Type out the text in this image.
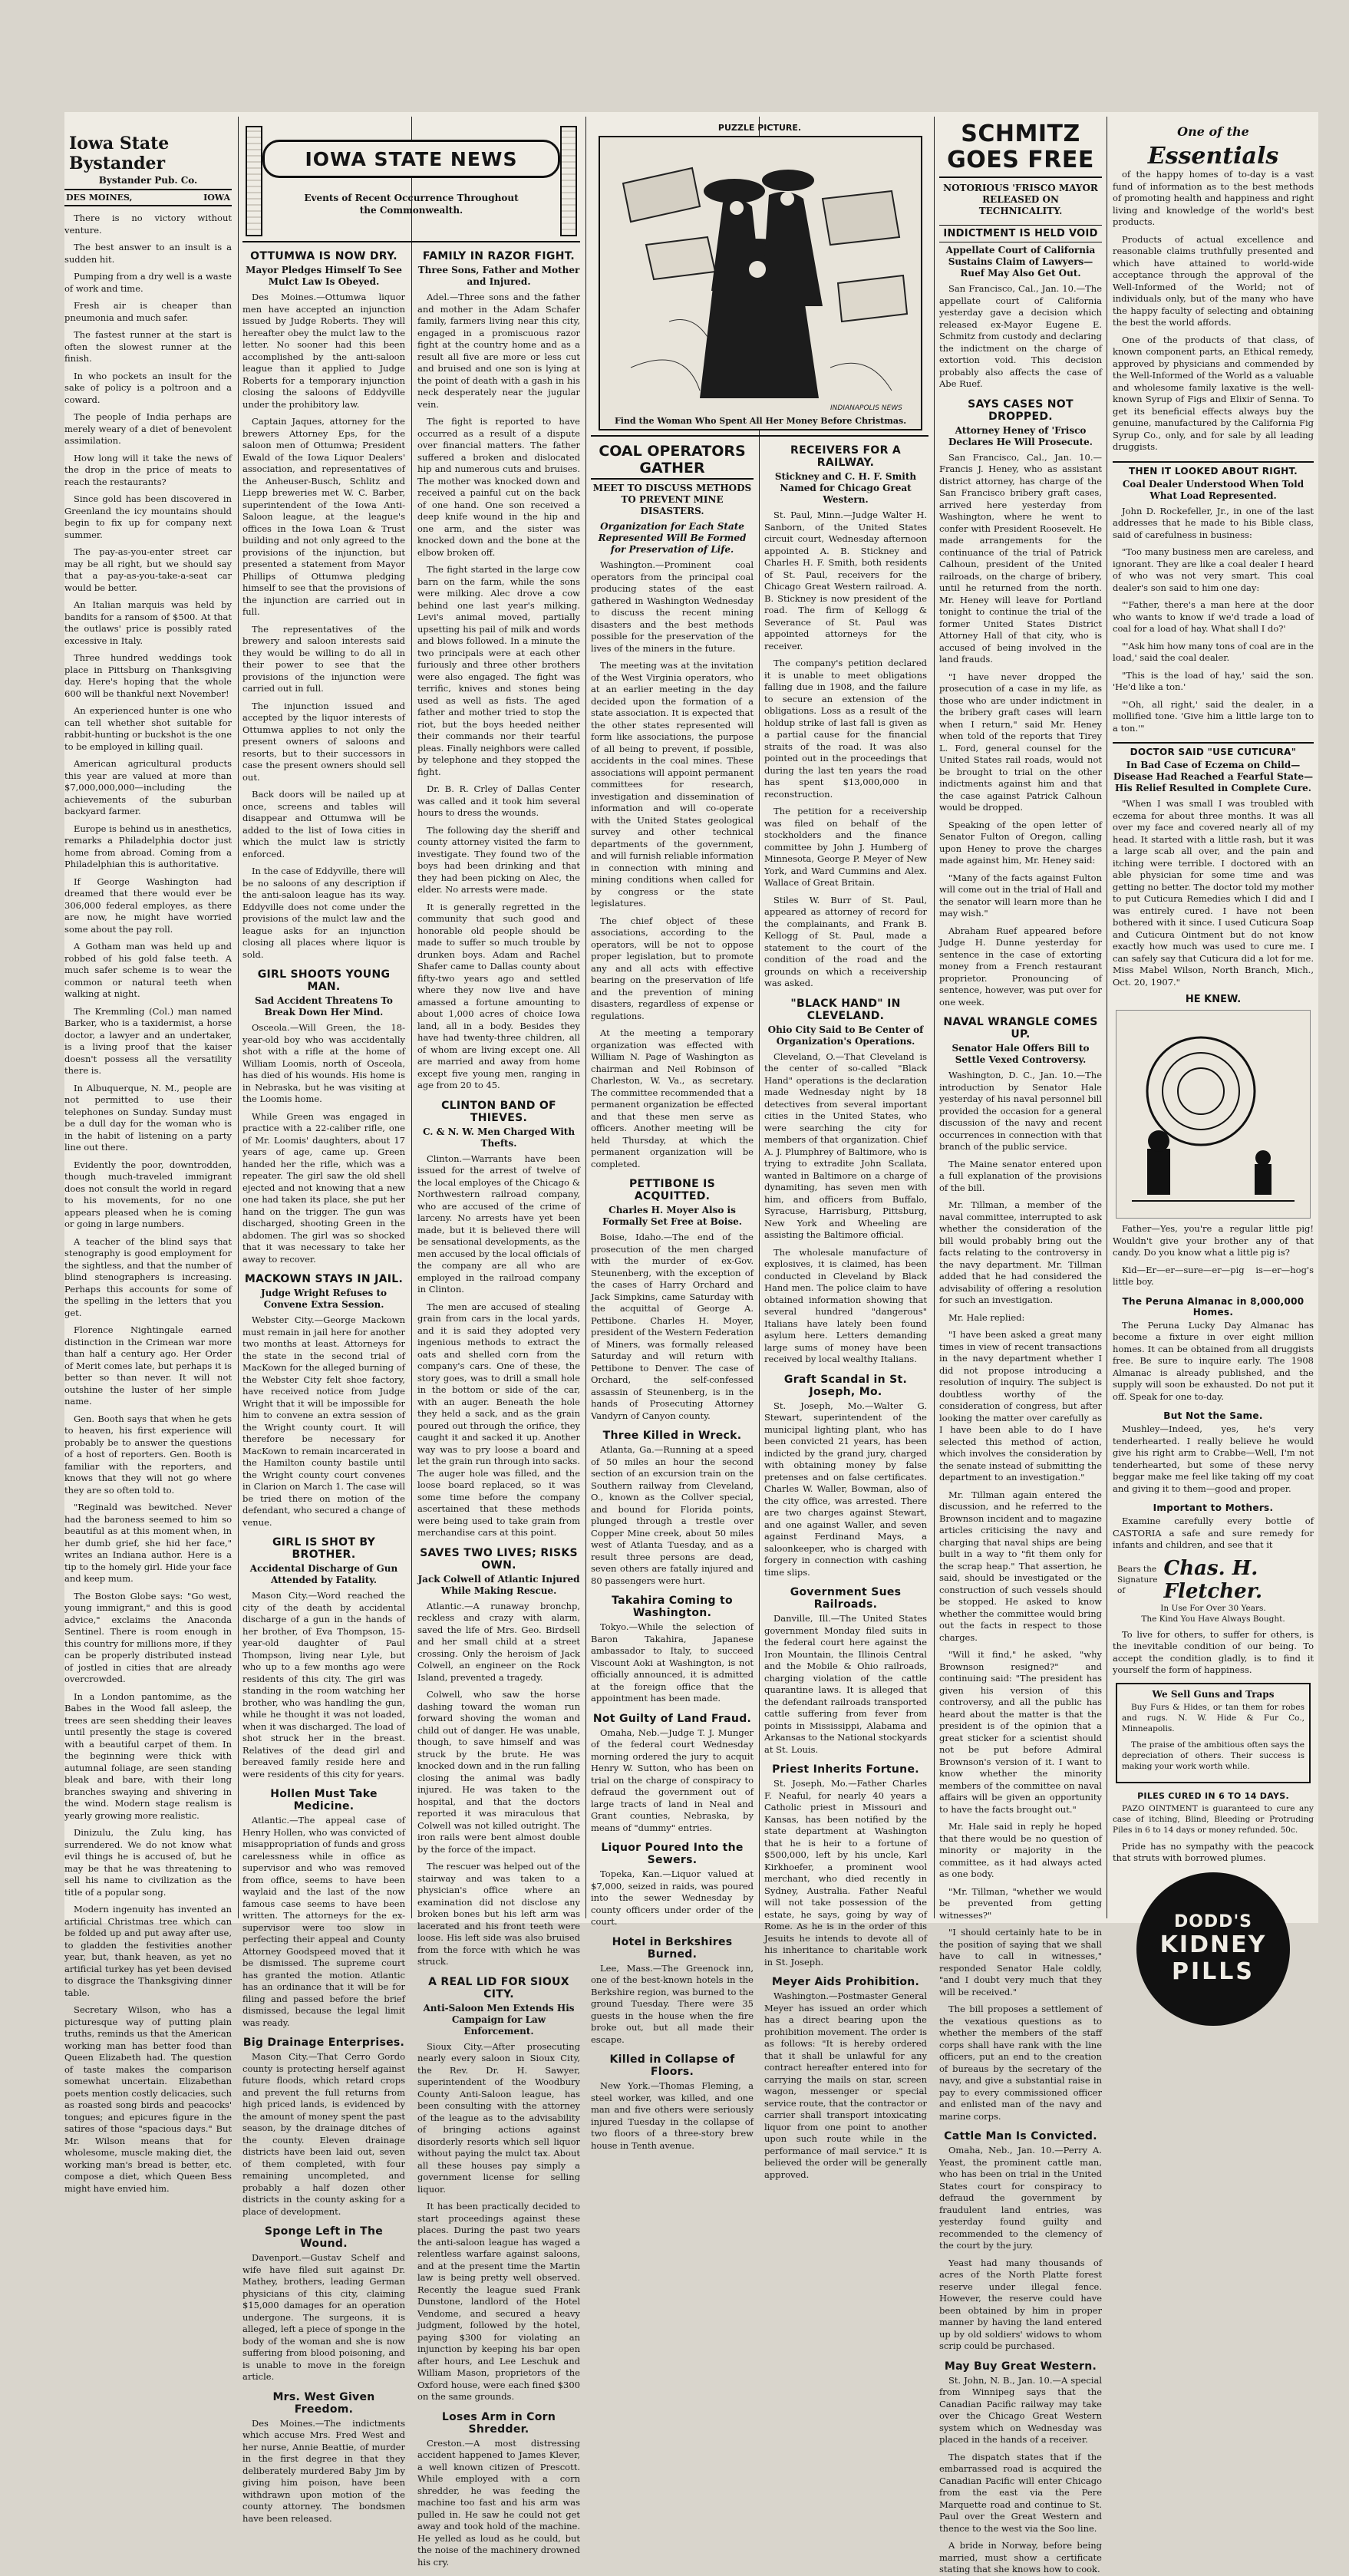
Iowa State Bystander
Bystander Pub. Co.
DES MOINES,	IOWA

There is no victory without venture.

The best answer to an insult is a sudden hit.

Pumping from a dry well is a waste of work and time.

Fresh air is cheaper than pneumonia and much safer.

The fastest runner at the start is often the slowest runner at the finish.

In who pockets an insult for the sake of policy is a poltroon and a coward.

The people of India perhaps are merely weary of a diet of benevolent assimilation.

How long will it take the news of the drop in the price of meats to reach the restaurants?

Since gold has been discovered in Greenland the icy mountains should begin to fix up for company next summer.

The pay-as-you-enter street car may be all right, but we should say that a pay-as-you-take-a-seat car would be better.

An Italian marquis was held by bandits for a ransom of $500. At that the outlaws' price is possibly rated excessive in Italy.

Three hundred weddings took place in Pittsburg on Thanksgiving day. Here's hoping that the whole 600 will be thankful next November!

An experienced hunter is one who can tell whether shot suitable for rabbit-hunting or buckshot is the one to be employed in killing quail.

American agricultural products this year are valued at more than $7,000,000,000—including the achievements of the suburban backyard farmer.

Europe is behind us in anesthetics, remarks a Philadelphia doctor just home from abroad. Coming from a Philadelphian this is authoritative.

If George Washington had dreamed that there would ever be 306,000 federal employes, as there are now, he might have worried some about the pay roll.

A Gotham man was held up and robbed of his gold false teeth. A much safer scheme is to wear the common or natural teeth when walking at night.

The Kremmling (Col.) man named Barker, who is a taxidermist, a horse doctor, a lawyer and an undertaker, is a living proof that the kaiser doesn't possess all the versatility there is.

In Albuquerque, N. M., people are not permitted to use their telephones on Sunday. Sunday must be a dull day for the woman who is in the habit of listening on a party line out there.

Evidently the poor, downtrodden, though much-traveled immigrant does not consult the world in regard to his movements, for no one appears pleased when he is coming or going in large numbers.

A teacher of the blind says that stenography is good employment for the sightless, and that the number of blind stenographers is increasing. Perhaps this accounts for some of the spelling in the letters that you get.

Florence Nightingale earned distinction in the Crimean war more than half a century ago. Her Order of Merit comes late, but perhaps it is better so than never. It will not outshine the luster of her simple name.

Gen. Booth says that when he gets to heaven, his first experience will probably be to answer the questions of a host of reporters. Gen. Booth is familiar with the reporters, and knows that they will not go where they are so often told to.

"Reginald was bewitched. Never had the baroness seemed to him so beautiful as at this moment when, in her dumb grief, she hid her face," writes an Indiana author. Here is a tip to the homely girl. Hide your face and keep mum.

The Boston Globe says: "Go west, young immigrant," and this is good advice," exclaims the Anaconda Sentinel. There is room enough in this country for millions more, if they can be properly distributed instead of jostled in cities that are already overcrowded.

In a London pantomime, as the Babes in the Wood fall asleep, the trees are seen shedding their leaves until presently the stage is covered with a beautiful carpet of them. In the beginning were thick with autumnal foliage, are seen standing bleak and bare, with their long branches swaying and shivering in the wind. Modern stage realism is yearly growing more realistic.

Dinizulu, the Zulu king, has surrendered. We do not know what evil things he is accused of, but he may be that he was threatening to sell his name to civilization as the title of a popular song.

Modern ingenuity has invented an artificial Christmas tree which can be folded up and put away after use, to gladden the festivities another year, but, thank heaven, as yet no artificial turkey has yet been devised to disgrace the Thanksgiving dinner table.

Secretary Wilson, who has a picturesque way of putting plain truths, reminds us that the American working man has better food than Queen Elizabeth had. The question of taste makes the comparison somewhat uncertain. Elizabethan poets mention costly delicacies, such as roasted song birds and peacocks' tongues; and epicures figure in the satires of those "spacious days." But Mr. Wilson means that for wholesome, muscle making diet, the working man's bread is better, etc. compose a diet, which Queen Bess might have envied him.

IOWA STATE NEWS
Events of Recent Occurrence Throughout the Commonwealth.
OTTUMWA IS NOW DRY.
Mayor Pledges Himself To See Mulct Law Is Obeyed.

Des Moines.—Ottumwa liquor men have accepted an injunction issued by Judge Roberts. They will hereafter obey the mulct law to the letter. No sooner had this been accomplished by the anti-saloon league than it applied to Judge Roberts for a temporary injunction closing the saloons of Eddyville under the prohibitory law.

Captain Jaques, attorney for the brewers Attorney Eps, for the saloon men of Ottumwa; President Ewald of the Iowa Liquor Dealers' association, and representatives of the Anheuser-Busch, Schlitz and Liepp breweries met W. C. Barber, superintendent of the Iowa Anti-Saloon league, at the league's offices in the Iowa Loan & Trust building and not only agreed to the provisions of the injunction, but presented a statement from Mayor Phillips of Ottumwa pledging himself to see that the provisions of the injunction are carried out in full.

The representatives of the brewery and saloon interests said they would be willing to do all in their power to see that the provisions of the injunction were carried out in full.

The injunction issued and accepted by the liquor interests of Ottumwa applies to not only the present owners of saloons and resorts, but to their successors in case the present owners should sell out.

Back doors will be nailed up at once, screens and tables will disappear and Ottumwa will be added to the list of Iowa cities in which the mulct law is strictly enforced.

In the case of Eddyville, there will be no saloons of any description if the anti-saloon league has its way. Eddyville does not come under the provisions of the mulct law and the league asks for an injunction closing all places where liquor is sold.

GIRL SHOOTS YOUNG MAN.
Sad Accident Threatens To Break Down Her Mind.

Osceola.—Will Green, the 18-year-old boy who was accidentally shot with a rifle at the home of William Loomis, north of Osceola, has died of his wounds. His home is in Nebraska, but he was visiting at the Loomis home.

While Green was engaged in practice with a 22-caliber rifle, one of Mr. Loomis' daughters, about 17 years of age, came up. Green handed her the rifle, which was a repeater. The girl saw the old shell ejected and not knowing that a new one had taken its place, she put her hand on the trigger. The gun was discharged, shooting Green in the abdomen. The girl was so shocked that it was necessary to take her away to recover.

MACKOWN STAYS IN JAIL.
Judge Wright Refuses to Convene Extra Session.

Webster City.—George Mackown must remain in jail here for another two months at least. Attorneys for the state in the second trial of MacKown for the alleged burning of the Webster City felt shoe factory, have received notice from Judge Wright that it will be impossible for him to convene an extra session of the Wright county court. It will therefore be necessary for MacKown to remain incarcerated in the Hamilton county bastile until the Wright county court convenes in Clarion on March 1. The case will be tried there on motion of the defendant, who secured a change of venue.

GIRL IS SHOT BY BROTHER.
Accidental Discharge of Gun Attended by Fatality.

Mason City.—Word reached the city of the death by accidental discharge of a gun in the hands of her brother, of Eva Thompson, 15-year-old daughter of Paul Thompson, living near Lyle, but who up to a few months ago were residents of this city. The girl was standing in the room watching her brother, who was handling the gun, while he thought it was not loaded, when it was discharged. The load of shot struck her in the breast. Relatives of the dead girl and bereaved family reside here and were residents of this city for years.

Hollen Must Take Medicine.

Atlantic.—The appeal case of Henry Hollen, who was convicted of misappropriation of funds and gross carelessness while in office as supervisor and who was removed from office, seems to have been waylaid and the last of the now famous case seems to have been written. The attorneys for the ex-supervisor were too slow in perfecting their appeal and County Attorney Goodspeed moved that it be dismissed. The supreme court has granted the motion. Atlantic has an ordinance that it will be for filing and passed before the brief dismissed, because the legal limit was ready.

Big Drainage Enterprises.

Mason City.—That Cerro Gordo county is protecting herself against future floods, which retard crops and prevent the full returns from high priced lands, is evidenced by the amount of money spent the past season, by the drainage ditches of the county. Eleven drainage districts have been laid out, seven of them completed, with four remaining uncompleted, and probably a half dozen other districts in the county asking for a place of development.

Sponge Left in The Wound.

Davenport.—Gustav Schelf and wife have filed suit against Dr. Mathey, brothers, leading German physicians of this city, claiming $15,000 damages for an operation undergone. The surgeons, it is alleged, left a piece of sponge in the body of the woman and she is now suffering from blood poisoning, and is unable to move in the foreign article.

Mrs. West Given Freedom.

Des Moines.—The indictments which accuse Mrs. Fred West and her nurse, Annie Beattie, of murder in the first degree in that they deliberately murdered Baby Jim by giving him poison, have been withdrawn upon motion of the county attorney. The bondsmen have been released.

FAMILY IN RAZOR FIGHT.
Three Sons, Father and Mother and Injured.

Adel.—Three sons and the father and mother in the Adam Schafer family, farmers living near this city, engaged in a promiscuous razor fight at the country home and as a result all five are more or less cut and bruised and one son is lying at the point of death with a gash in his neck desperately near the jugular vein.

The fight is reported to have occurred as a result of a dispute over financial matters. The father suffered a broken and dislocated hip and numerous cuts and bruises. The mother was knocked down and received a painful cut on the back of one hand. One son received a deep knife wound in the hip and one arm, and the sister was knocked down and the bone at the elbow broken off.

The fight started in the large cow barn on the farm, while the sons were milking. Alec drove a cow behind one last year's milking. Levi's animal moved, partially upsetting his pail of milk and words and blows followed. In a minute the two principals were at each other furiously and three other brothers were also engaged. The fight was terrific, knives and stones being used as well as fists. The aged father and mother tried to stop the riot, but the boys heeded neither their commands nor their tearful pleas. Finally neighbors were called by telephone and they stopped the fight.

Dr. B. R. Crley of Dallas Center was called and it took him several hours to dress the wounds.

The following day the sheriff and county attorney visited the farm to investigate. They found two of the boys had been drinking and that they had been picking on Alec, the elder. No arrests were made.

It is generally regretted in the community that such good and honorable old people should be made to suffer so much trouble by drunken boys. Adam and Rachel Shafer came to Dallas county about fifty-two years ago and settled where they now live and have amassed a fortune amounting to about 1,000 acres of choice Iowa land, all in a body. Besides they have had twenty-three children, all of whom are living except one. All are married and away from home except five young men, ranging in age from 20 to 45.

CLINTON BAND OF THIEVES.
C. & N. W. Men Charged With Thefts.

Clinton.—Warrants have been issued for the arrest of twelve of the local employes of the Chicago & Northwestern railroad company, who are accused of the crime of larceny. No arrests have yet been made, but it is believed there will be sensational developments, as the men accused by the local officials of the company are all who are employed in the railroad company in Clinton.

The men are accused of stealing grain from cars in the local yards, and it is said they adopted very ingenious methods to extract the oats and shelled corn from the company's cars. One of these, the story goes, was to drill a small hole in the bottom or side of the car, with an auger. Beneath the hole they held a sack, and as the grain poured out through the orifice, they caught it and sacked it up. Another way was to pry loose a board and let the grain run through into sacks. The auger hole was filled, and the loose board replaced, so it was some time before the company ascertained that these methods were being used to take grain from merchandise cars at this point.

SAVES TWO LIVES; RISKS OWN.
Jack Colwell of Atlantic Injured While Making Rescue.

Atlantic.—A runaway bronchp, reckless and crazy with alarm, saved the life of Mrs. Geo. Birdsell and her small child at a street crossing. Only the heroism of Jack Colwell, an engineer on the Rock Island, prevented a tragedy.

Colwell, who saw the horse dashing toward the woman run forward shoving the woman and child out of danger. He was unable, though, to save himself and was struck by the brute. He was knocked down and in the run falling closing the animal was badly injured. He was taken to the hospital, and that the doctors reported it was miraculous that Colwell was not killed outright. The iron rails were bent almost double by the force of the impact.

The rescuer was helped out of the stairway and was taken to a physician's office where an examination did not disclose any broken bones but his left arm was lacerated and his front teeth were loose. His left side was also bruised from the force with which he was struck.

A REAL LID FOR SIOUX CITY.
Anti-Saloon Men Extends His Campaign for Law Enforcement.

Sioux City.—After prosecuting nearly every saloon in Sioux City, the Rev. Dr. H. Sawyer, superintendent of the Woodbury County Anti-Saloon league, has been consulting with the attorney of the league as to the advisability of bringing actions against disorderly resorts which sell liquor without paying the mulct tax. About all these houses pay simply a government license for selling liquor.

It has been practically decided to start proceedings against these places. During the past two years the anti-saloon league has waged a relentless warfare against saloons, and at the present time the Martin law is being pretty well observed. Recently the league sued Frank Dunstone, landlord of the Hotel Vendome, and secured a heavy judgment, followed by the hotel, paying $300 for violating an injunction by keeping his bar open after hours, and Lee Leschuk and William Mason, proprietors of the Oxford house, were each fined $300 on the same grounds.

Loses Arm in Corn Shredder.

Creston.—A most distressing accident happened to James Klever, a well known citizen of Prescott. While employed with a corn shredder, he was feeding the machine too fast and his arm was pulled in. He saw he could not get away and took hold of the machine. He yelled as loud as he could, but the noise of the machinery drowned his cry.

PUZZLE PICTURE.
INDIANAPOLIS NEWS
Find the Woman Who Spent All Her Money Before Christmas.
COAL OPERATORS GATHER
MEET TO DISCUSS METHODS TO PREVENT MINE DISASTERS.
Organization for Each State Represented Will Be Formed for Preservation of Life.

Washington.—Prominent coal operators from the principal coal producing states of the east gathered in Washington Wednesday to discuss the recent mining disasters and the best methods possible for the preservation of the lives of the miners in the future.

The meeting was at the invitation of the West Virginia operators, who at an earlier meeting in the day decided upon the formation of a state association. It is expected that the other states represented will form like associations, the purpose of all being to prevent, if possible, accidents in the coal mines. These associations will appoint permanent committees for research, investigation and dissemination of information and will co-operate with the United States geological survey and other technical departments of the government, and will furnish reliable information in connection with mining and mining conditions when called for by congress or the state legislatures.

The chief object of these associations, according to the operators, will be not to oppose proper legislation, but to promote any and all acts with effective bearing on the preservation of life and the prevention of mining disasters, regardless of expense or regulations.

At the meeting a temporary organization was effected with William N. Page of Washington as chairman and Neil Robinson of Charleston, W. Va., as secretary. The committee recommended that a permanent organization be effected and that these men serve as officers. Another meeting will be held Thursday, at which the permanent organization will be completed.

PETTIBONE IS ACQUITTED.
Charles H. Moyer Also is Formally Set Free at Boise.

Boise, Idaho.—The end of the prosecution of the men charged with the murder of ex-Gov. Steunenberg, with the exception of the cases of Harry Orchard and Jack Simpkins, came Saturday with the acquittal of George A. Pettibone. Charles H. Moyer, president of the Western Federation of Miners, was formally released Saturday and will return with Pettibone to Denver. The case of Orchard, the self-confessed assassin of Steunenberg, is in the hands of Prosecuting Attorney Vandyrn of Canyon county.

Three Killed in Wreck.

Atlanta, Ga.—Running at a speed of 50 miles an hour the second section of an excursion train on the Southern railway from Cleveland, O., known as the Collver special, and bound for Florida points, plunged through a trestle over Copper Mine creek, about 50 miles west of Atlanta Tuesday, and as a result three persons are dead, seven others are fatally injured and 80 passengers were hurt.

Takahira Coming to Washington.

Tokyo.—While the selection of Baron Takahira, Japanese ambassador to Italy, to succeed Viscount Aoki at Washington, is not officially announced, it is admitted at the foreign office that the appointment has been made.

Not Guilty of Land Fraud.

Omaha, Neb.—Judge T. J. Munger of the federal court Wednesday morning ordered the jury to acquit Henry W. Sutton, who has been on trial on the charge of conspiracy to defraud the government out of large tracts of land in Neal and Grant counties, Nebraska, by means of "dummy" entries.

Liquor Poured Into the Sewers.

Topeka, Kan.—Liquor valued at $7,000, seized in raids, was poured into the sewer Wednesday by county officers under order of the court.

Hotel in Berkshires Burned.

Lee, Mass.—The Greenock inn, one of the best-known hotels in the Berkshire region, was burned to the ground Tuesday. There were 35 guests in the house when the fire broke out, but all made their escape.

Killed in Collapse of Floors.

New York.—Thomas Fleming, a steel worker, was killed, and one man and five others were seriously injured Tuesday in the collapse of two floors of a three-story brew house in Tenth avenue.

RECEIVERS FOR A RAILWAY.
Stickney and C. H. F. Smith Named for Chicago Great Western.

St. Paul, Minn.—Judge Walter H. Sanborn, of the United States circuit court, Wednesday afternoon appointed A. B. Stickney and Charles H. F. Smith, both residents of St. Paul, receivers for the Chicago Great Western railroad. A. B. Stickney is now president of the road. The firm of Kellogg & Severance of St. Paul was appointed attorneys for the receiver.

The company's petition declared it is unable to meet obligations falling due in 1908, and the failure to secure an extension of the obligations. Loss as a result of the holdup strike of last fall is given as a partial cause for the financial straits of the road. It was also pointed out in the proceedings that during the last ten years the road has spent $13,000,000 in reconstruction.

The petition for a receivership was filed on behalf of the stockholders and the finance committee by John J. Humberg of Minnesota, George P. Meyer of New York, and Ward Cummins and Alex. Wallace of Great Britain.

Stiles W. Burr of St. Paul, appeared as attorney of record for the complainants, and Frank B. Kellogg of St. Paul, made a statement to the court of the condition of the road and the grounds on which a receivership was asked.

"BLACK HAND" IN CLEVELAND.
Ohio City Said to Be Center of Organization's Operations.

Cleveland, O.—That Cleveland is the center of so-called "Black Hand" operations is the declaration made Wednesday night by 18 detectives from several important cities in the United States, who were searching the city for members of that organization. Chief A. J. Plumphrey of Baltimore, who is trying to extradite John Scallata, wanted in Baltimore on a charge of dynamiting, has seven men with him, and officers from Buffalo, Syracuse, Harrisburg, Pittsburg, New York and Wheeling are assisting the Baltimore official.

The wholesale manufacture of explosives, it is claimed, has been conducted in Cleveland by Black Hand men. The police claim to have obtained information showing that several hundred "dangerous" Italians have lately been found asylum here. Letters demanding large sums of money have been received by local wealthy Italians.

Graft Scandal in St. Joseph, Mo.

St. Joseph, Mo.—Walter G. Stewart, superintendent of the municipal lighting plant, who has been convicted 21 years, has been indicted by the grand jury, charged with obtaining money by false pretenses and on false certificates. Charles W. Waller, Bowman, also of the city office, was arrested. There are two charges against Stewart, and one against Waller, and seven against Ferdinand Mays, a saloonkeeper, who is charged with forgery in connection with cashing time slips.

Government Sues Railroads.

Danville, Ill.—The United States government Monday filed suits in the federal court here against the Iron Mountain, the Illinois Central and the Mobile & Ohio railroads, charging violation of the cattle quarantine laws. It is alleged that the defendant railroads transported cattle suffering from fever from points in Mississippi, Alabama and Arkansas to the National stockyards at St. Louis.

Priest Inherits Fortune.

St. Joseph, Mo.—Father Charles F. Neaful, for nearly 40 years a Catholic priest in Missouri and Kansas, has been notified by the state department at Washington that he is heir to a fortune of $500,000, left by his uncle, Karl Kirkhoefer, a prominent wool merchant, who died recently in Sydney, Australia. Father Neaful will not take possession of the estate, he says, going by way of Rome. As he is in the order of this Jesuits he intends to devote all of his inheritance to charitable work in St. Joseph.

Meyer Aids Prohibition.

Washington.—Postmaster General Meyer has issued an order which has a direct bearing upon the prohibition movement. The order is as follows: "It is hereby ordered that it shall be unlawful for any contract hereafter entered into for carrying the mails on star, screen wagon, messenger or special service route, that the contractor or carrier shall transport intoxicating liquor from one point to another upon such route while in the performance of mail service." It is believed the order will be generally approved.

SCHMITZ GOES FREE
NOTORIOUS 'FRISCO MAYOR RELEASED ON TECHNICALITY.
INDICTMENT IS HELD VOID
Appellate Court of California Sustains Claim of Lawyers—Ruef May Also Get Out.

San Francisco, Cal., Jan. 10.—The appellate court of California yesterday gave a decision which released ex-Mayor Eugene E. Schmitz from custody and declaring the indictment on the charge of extortion void. This decision probably also affects the case of Abe Ruef.

SAYS CASES NOT DROPPED.
Attorney Heney of 'Frisco Declares He Will Prosecute.

San Francisco, Cal., Jan. 10.—Francis J. Heney, who as assistant district attorney, has charge of the San Francisco bribery graft cases, arrived here yesterday from Washington, where he went to confer with President Roosevelt. He made arrangements for the continuance of the trial of Patrick Calhoun, president of the United railroads, on the charge of bribery, until he returned from the north. Mr. Heney will leave for Portland tonight to continue the trial of the former United States District Attorney Hall of that city, who is accused of being involved in the land frauds.

"I have never dropped the prosecution of a case in my life, as those who are under indictment in the bribery graft cases will learn when I return," said Mr. Heney when told of the reports that Tirey L. Ford, general counsel for the United States rail roads, would not be brought to trial on the other indictments against him and that the case against Patrick Calhoun would be dropped.

Speaking of the open letter of Senator Fulton of Oregon, calling upon Heney to prove the charges made against him, Mr. Heney said:

"Many of the facts against Fulton will come out in the trial of Hall and the senator will learn more than he may wish."

Abraham Ruef appeared before Judge H. Dunne yesterday for sentence in the case of extorting money from a French restaurant proprietor. Pronouncing of sentence, however, was put over for one week.

NAVAL WRANGLE COMES UP.
Senator Hale Offers Bill to Settle Vexed Controversy.

Washington, D. C., Jan. 10.—The introduction by Senator Hale yesterday of his naval personnel bill provided the occasion for a general discussion of the navy and recent occurrences in connection with that branch of the public service.

The Maine senator entered upon a full explanation of the provisions of the bill.

Mr. Tillman, a member of the naval committee, interrupted to ask whether the consideration of the bill would probably bring out the facts relating to the controversy in the navy department. Mr. Tillman added that he had considered the advisability of offering a resolution for such an investigation.

Mr. Hale replied:

"I have been asked a great many times in view of recent transactions in the navy department whether I did not propose introducing a resolution of inquiry. The subject is doubtless worthy of the consideration of congress, but after looking the matter over carefully as I have been able to do I have selected this method of action, which involves the consideration by the senate instead of submitting the department to an investigation."

Mr. Tillman again entered the discussion, and he referred to the Brownson incident and to magazine articles criticising the navy and charging that naval ships are being built in a way to "fit them only for the scrap heap." That assertion, he said, should be investigated or the construction of such vessels should be stopped. He asked to know whether the committee would bring out the facts in respect to those charges.

"Will it find," he asked, "why Brownson resigned?" and continuing said: "The president has given his version of this controversy, and all the public has heard about the matter is that the president is of the opinion that a great sticker for a scientist should not be put before Admiral Brownson's version of it. I want to know whether the minority members of the committee on naval affairs will be given an opportunity to have the facts brought out."

Mr. Hale said in reply he hoped that there would be no question of minority or majority in the committee, as it had always acted as one body.

"Mr. Tillman, "whether we would be prevented from getting witnesses?"

"I should certainly hate to be in the position of saying that we shall have to call in witnesses," responded Senator Hale coldly, "and I doubt very much that they will be received."

The bill proposes a settlement of the vexatious questions as to whether the members of the staff corps shall have rank with the line officers, put an end to the creation of bureaus by the secretary of the navy, and give a substantial raise in pay to every commissioned officer and enlisted man of the navy and marine corps.

Cattle Man Is Convicted.

Omaha, Neb., Jan. 10.—Perry A. Yeast, the prominent cattle man, who has been on trial in the United States court for conspiracy to defraud the government by fraudulent land entries, was yesterday found guilty and recommended to the clemency of the court by the jury.

Yeast had many thousands of acres of the North Platte forest reserve under illegal fence. However, the reserve could have been obtained by him in proper manner by having the land entered up by old soldiers' widows to whom scrip could be purchased.

May Buy Great Western.

St. John, N. B., Jan. 10.—A special from Winnipeg says that the Canadian Pacific railway may take over the Chicago Great Western system which on Wednesday was placed in the hands of a receiver.

The dispatch states that if the embarrassed road is acquired the Canadian Pacific will enter Chicago from the east via the Pere Marquette road and continue to St. Paul over the Great Western and thence to the west via the Soo line.

A bride in Norway, before being married, must show a certificate stating that she knows how to cook.

One of the
Essentials

of the happy homes of to-day is a vast fund of information as to the best methods of promoting health and happiness and right living and knowledge of the world's best products.

Products of actual excellence and reasonable claims truthfully presented and which have attained to world-wide acceptance through the approval of the Well-Informed of the World; not of individuals only, but of the many who have the happy faculty of selecting and obtaining the best the world affords.

One of the products of that class, of known component parts, an Ethical remedy, approved by physicians and commended by the Well-Informed of the World as a valuable and wholesome family laxative is the well-known Syrup of Figs and Elixir of Senna. To get its beneficial effects always buy the genuine, manufactured by the California Fig Syrup Co., only, and for sale by all leading druggists.

THEN IT LOOKED ABOUT RIGHT.
Coal Dealer Understood When Told What Load Represented.

John D. Rockefeller, Jr., in one of the last addresses that he made to his Bible class, said of carefulness in business:

"Too many business men are careless, and ignorant. They are like a coal dealer I heard of who was not very smart. This coal dealer's son said to him one day:

"'Father, there's a man here at the door who wants to know if we'd trade a load of coal for a load of hay. What shall I do?'

"'Ask him how many tons of coal are in the load,' said the coal dealer.

"This is the load of hay,' said the son. 'He'd like a ton.'

"'Oh, all right,' said the dealer, in a mollified tone. 'Give him a little large ton to a ton.'"

DOCTOR SAID "USE CUTICURA"
In Bad Case of Eczema on Child—Disease Had Reached a Fearful State—His Relief Resulted in Complete Cure.

"When I was small I was troubled with eczema for about three months. It was all over my face and covered nearly all of my head. It started with a little rash, but it was a large scab all over, and the pain and itching were terrible. I doctored with an able physician for some time and was getting no better. The doctor told my mother to put Cuticura Remedies which I did and I was entirely cured. I have not been bothered with it since. I used Cuticura Soap and Cuticura Ointment but do not know exactly how much was used to cure me. I can safely say that Cuticura did a lot for me. Miss Mabel Wilson, North Branch, Mich., Oct. 20, 1907."

HE KNEW.

Father—Yes, you're a regular little pig! Wouldn't give your brother any of that candy. Do you know what a little pig is?

Kid—Er—er—sure—er—pig is—er—hog's little boy.

The Peruna Almanac in 8,000,000 Homes.

The Peruna Lucky Day Almanac has become a fixture in over eight million homes. It can be obtained from all druggists free. Be sure to inquire early. The 1908 Almanac is already published, and the supply will soon be exhausted. Do not put it off. Speak for one to-day.

But Not the Same.

Mushley—Indeed, yes, he's very tenderhearted. I really believe he would give his right arm to Crabbe—Well, I'm not tenderhearted, but some of these nervy beggar make me feel like taking off my coat and giving it to them—good and proper.

Important to Mothers.

Examine carefully every bottle of CASTORIA a safe and sure remedy for infants and children, and see that it

Bears the Signature of
Chas. H. Fletcher.
In Use For Over 30 Years.
The Kind You Have Always Bought.

To live for others, to suffer for others, is the inevitable condition of our being. To accept the condition gladly, is to find it yourself the form of happiness.

We Sell Guns and Traps

Buy Furs & Hides, or tan them for robes and rugs. N. W. Hide & Fur Co., Minneapolis.

The praise of the ambitious often says the depreciation of others. Their success is making your work worth while.

PILES CURED IN 6 TO 14 DAYS.

PAZO OINTMENT is guaranteed to cure any case of itching, Blind, Bleeding or Protruding Piles in 6 to 14 days or money refunded. 50c.

Pride has no sympathy with the peacock that struts with borrowed plumes.

DODD'S
KIDNEY
PILLS
